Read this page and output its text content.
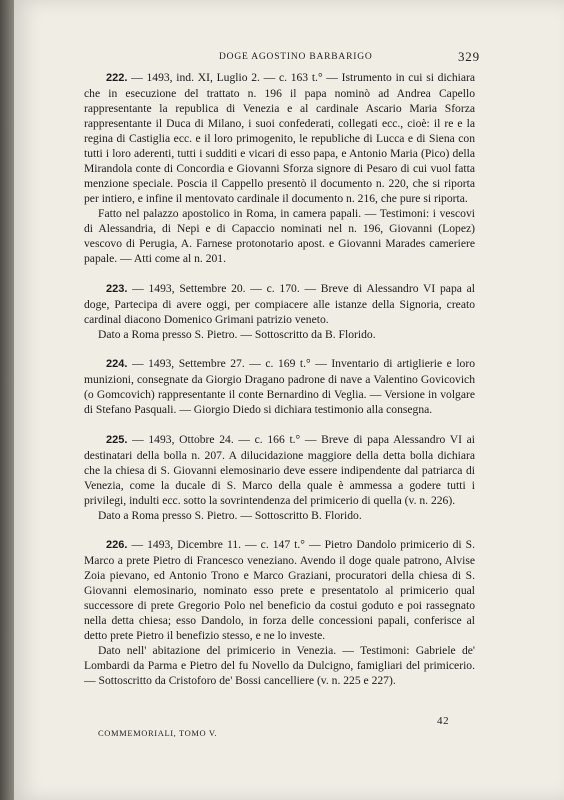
DOGE AGOSTINO BARBARIGO	329

222. — 1493, ind. XI, Luglio 2. — c. 163 t.° — Istrumento in cui si dichiara che in esecuzione del trattato n. 196 il papa nominò ad Andrea Capello rappresentante la republica di Venezia e al cardinale Ascario Maria Sforza rappresentante il Duca di Milano, i suoi confederati, collegati ecc., cioè: il re e la regina di Castiglia ecc. e il loro primogenito, le republiche di Lucca e di Siena con tutti i loro aderenti, tutti i sudditi e vicari di esso papa, e Antonio Maria (Pico) della Mirandola conte di Concordia e Giovanni Sforza signore di Pesaro di cui vuol fatta menzione speciale. Poscia il Cappello presentò il documento n. 220, che si riporta per intiero, e infine il mentovato cardinale il documento n. 216, che pure si riporta.

Fatto nel palazzo apostolico in Roma, in camera papali. — Testimoni: i vescovi di Alessandria, di Nepi e di Capaccio nominati nel n. 196, Giovanni (Lopez) vescovo di Perugia, A. Farnese protonotario apost. e Giovanni Marades cameriere papale. — Atti come al n. 201.

223. — 1493, Settembre 20. — c. 170. — Breve di Alessandro VI papa al doge, Partecipa di avere oggi, per compiacere alle istanze della Signoria, creato cardinal diacono Domenico Grimani patrizio veneto.

Dato a Roma presso S. Pietro. — Sottoscritto da B. Florido.

224. — 1493, Settembre 27. — c. 169 t.° — Inventario di artiglierie e loro munizioni, consegnate da Giorgio Dragano padrone di nave a Valentino Govicovich (o Gomcovich) rappresentante il conte Bernardino di Veglia. — Versione in volgare di Stefano Pasquali. — Giorgio Diedo si dichiara testimonio alla consegna.

225. — 1493, Ottobre 24. — c. 166 t.° — Breve di papa Alessandro VI ai destinatari della bolla n. 207. A dilucidazione maggiore della detta bolla dichiara che la chiesa di S. Giovanni elemosinario deve essere indipendente dal patriarca di Venezia, come la ducale di S. Marco della quale è ammessa a godere tutti i privilegi, indulti ecc. sotto la sovrintendenza del primicerio di quella (v. n. 226).

Dato a Roma presso S. Pietro. — Sottoscritto B. Florido.

226. — 1493, Dicembre 11. — c. 147 t.° — Pietro Dandolo primicerio di S. Marco a prete Pietro di Francesco veneziano. Avendo il doge quale patrono, Alvise Zoia pievano, ed Antonio Trono e Marco Graziani, procuratori della chiesa di S. Giovanni elemosinario, nominato esso prete e presentatolo al primicerio qual successore di prete Gregorio Polo nel beneficio da costui goduto e poi rassegnato nella detta chiesa; esso Dandolo, in forza delle concessioni papali, conferisce al detto prete Pietro il benefizio stesso, e ne lo investe.

Dato nell' abitazione del primicerio in Venezia. — Testimoni: Gabriele de' Lombardi da Parma e Pietro del fu Novello da Dulcigno, famigliari del primicerio. — Sottoscritto da Cristoforo de' Bossi cancelliere (v. n. 225 e 227).

COMMEMORIALI, TOMO V.
42
